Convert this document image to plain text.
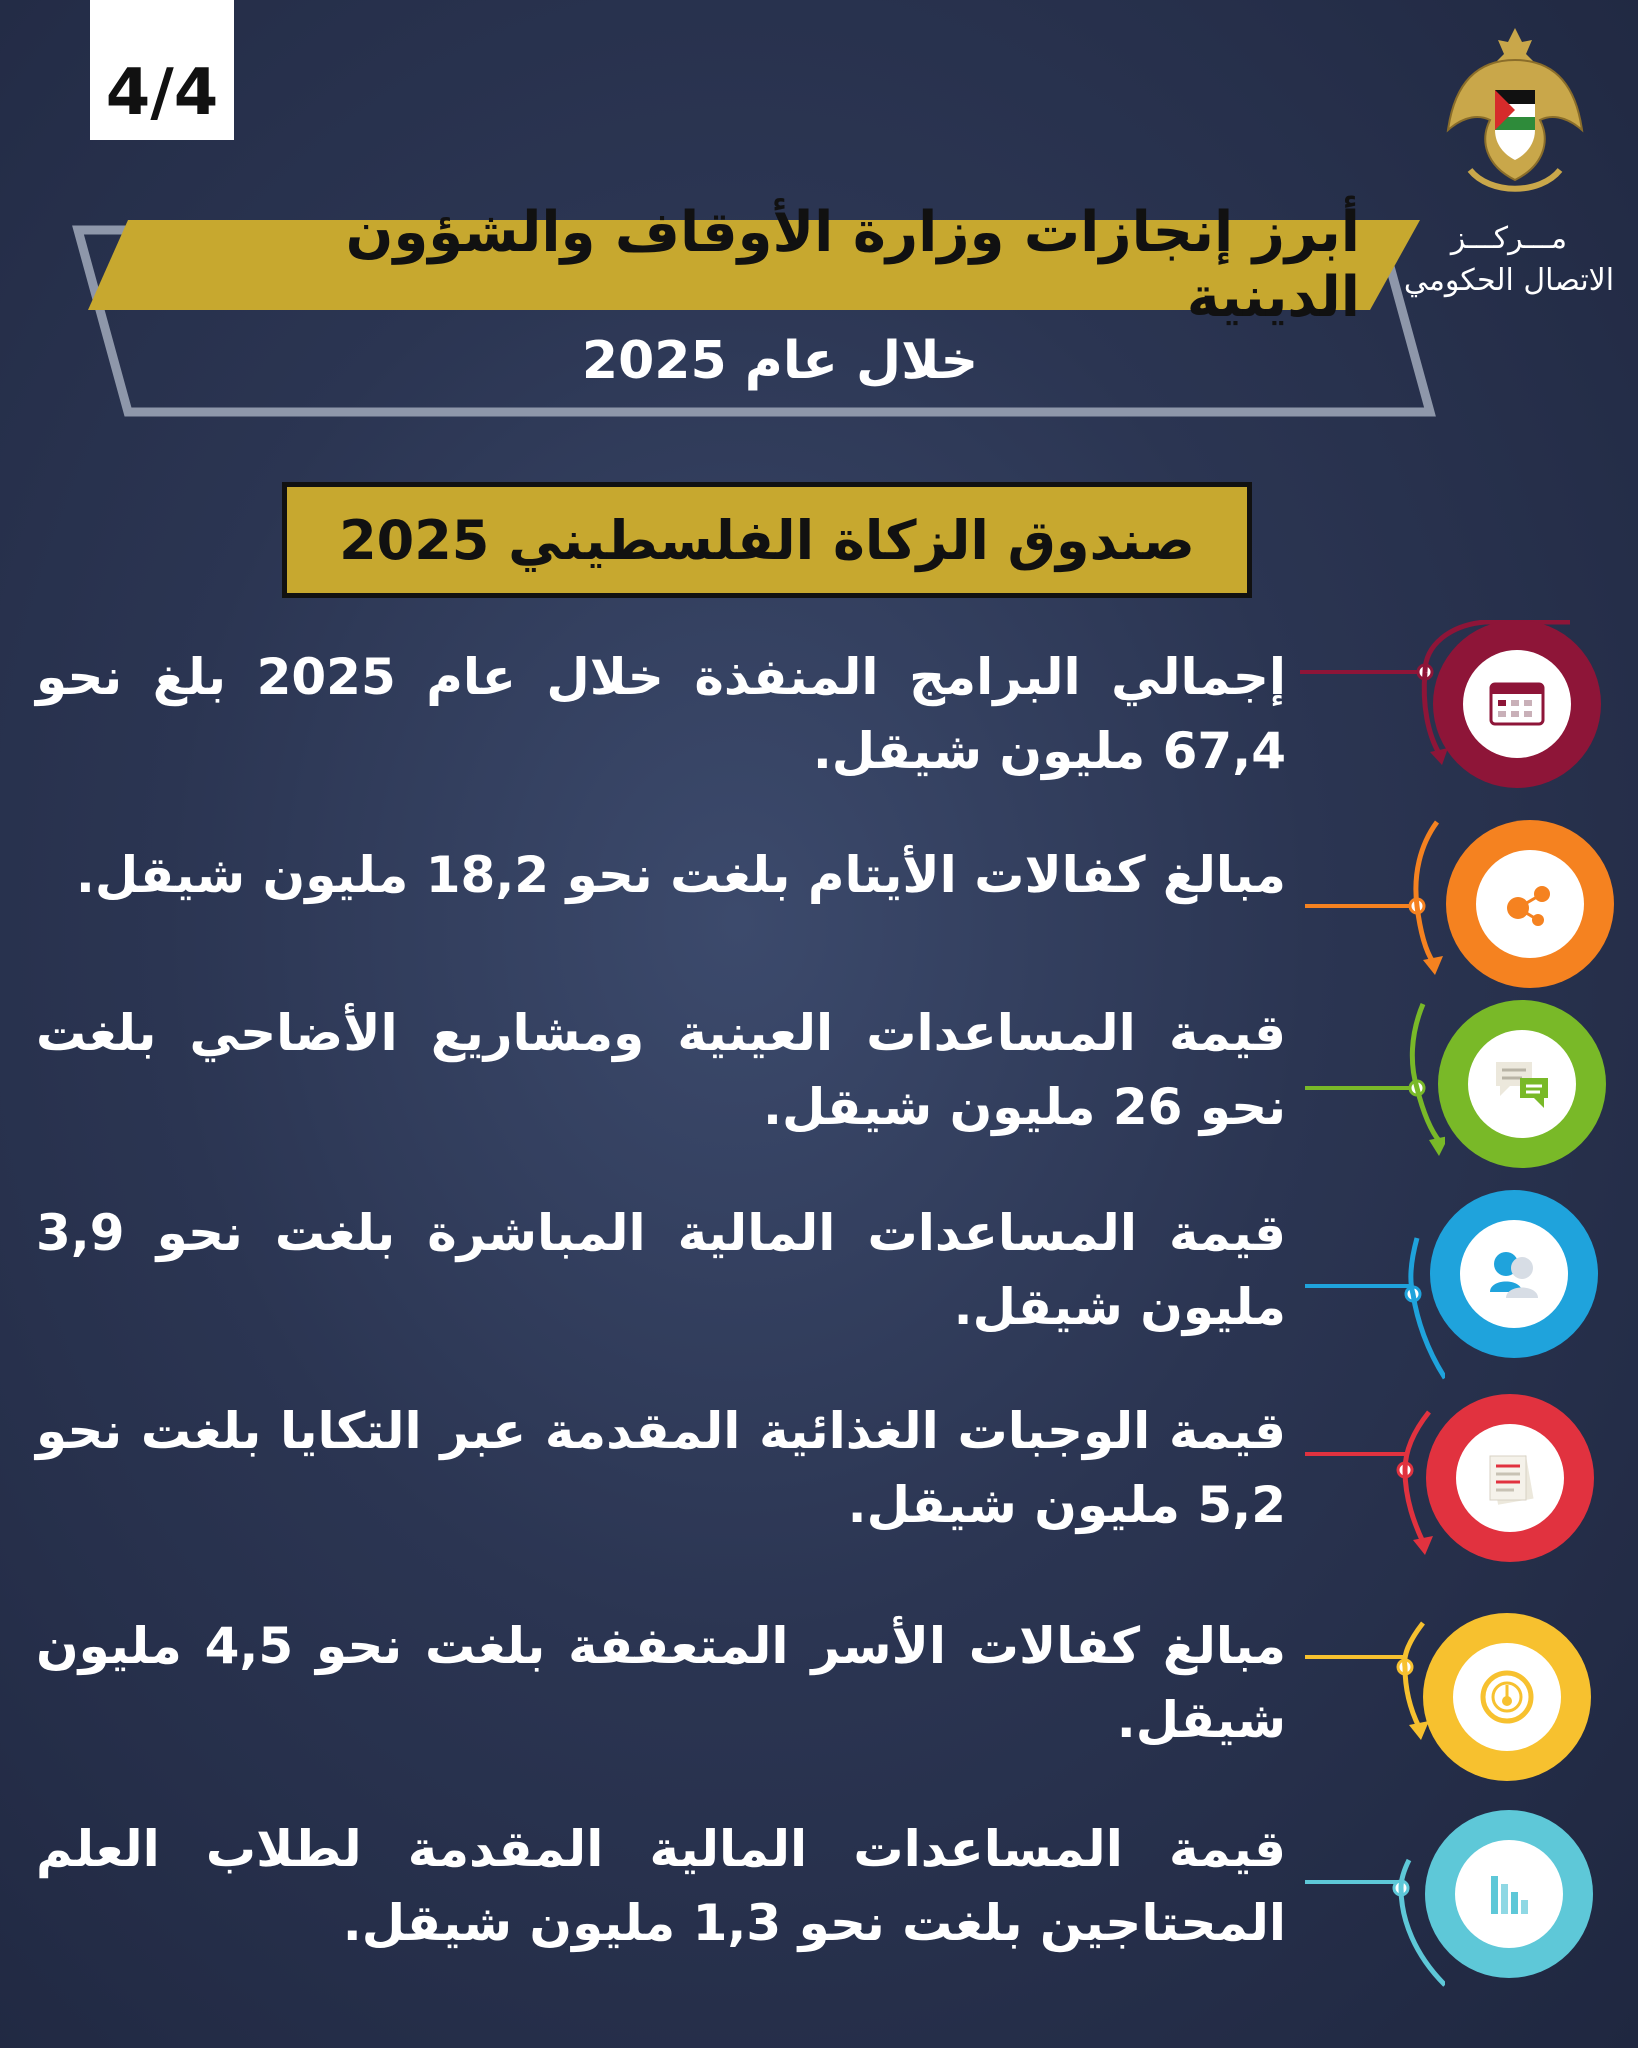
4/4
مـــركـــز
الاتصال الحكومي
أبرز إنجازات وزارة الأوقاف والشؤون الدينية
خلال عام 2025
صندوق الزكاة الفلسطيني 2025
إجمالي البرامج المنفذة خلال عام 2025 بلغ نحو 67,4 مليون شيقل.
مبالغ كفالات الأيتام بلغت نحو 18,2 مليون شيقل.
قيمة المساعدات العينية ومشاريع الأضاحي بلغت نحو 26 مليون شيقل.
قيمة المساعدات المالية المباشرة بلغت نحو 3,9 مليون شيقل.
قيمة الوجبات الغذائية المقدمة عبر التكايا بلغت نحو 5,2 مليون شيقل.
مبالغ كفالات الأسر المتعففة بلغت نحو 4,5 مليون شيقل.
قيمة المساعدات المالية المقدمة لطلاب العلم المحتاجين بلغت نحو 1,3 مليون شيقل.
